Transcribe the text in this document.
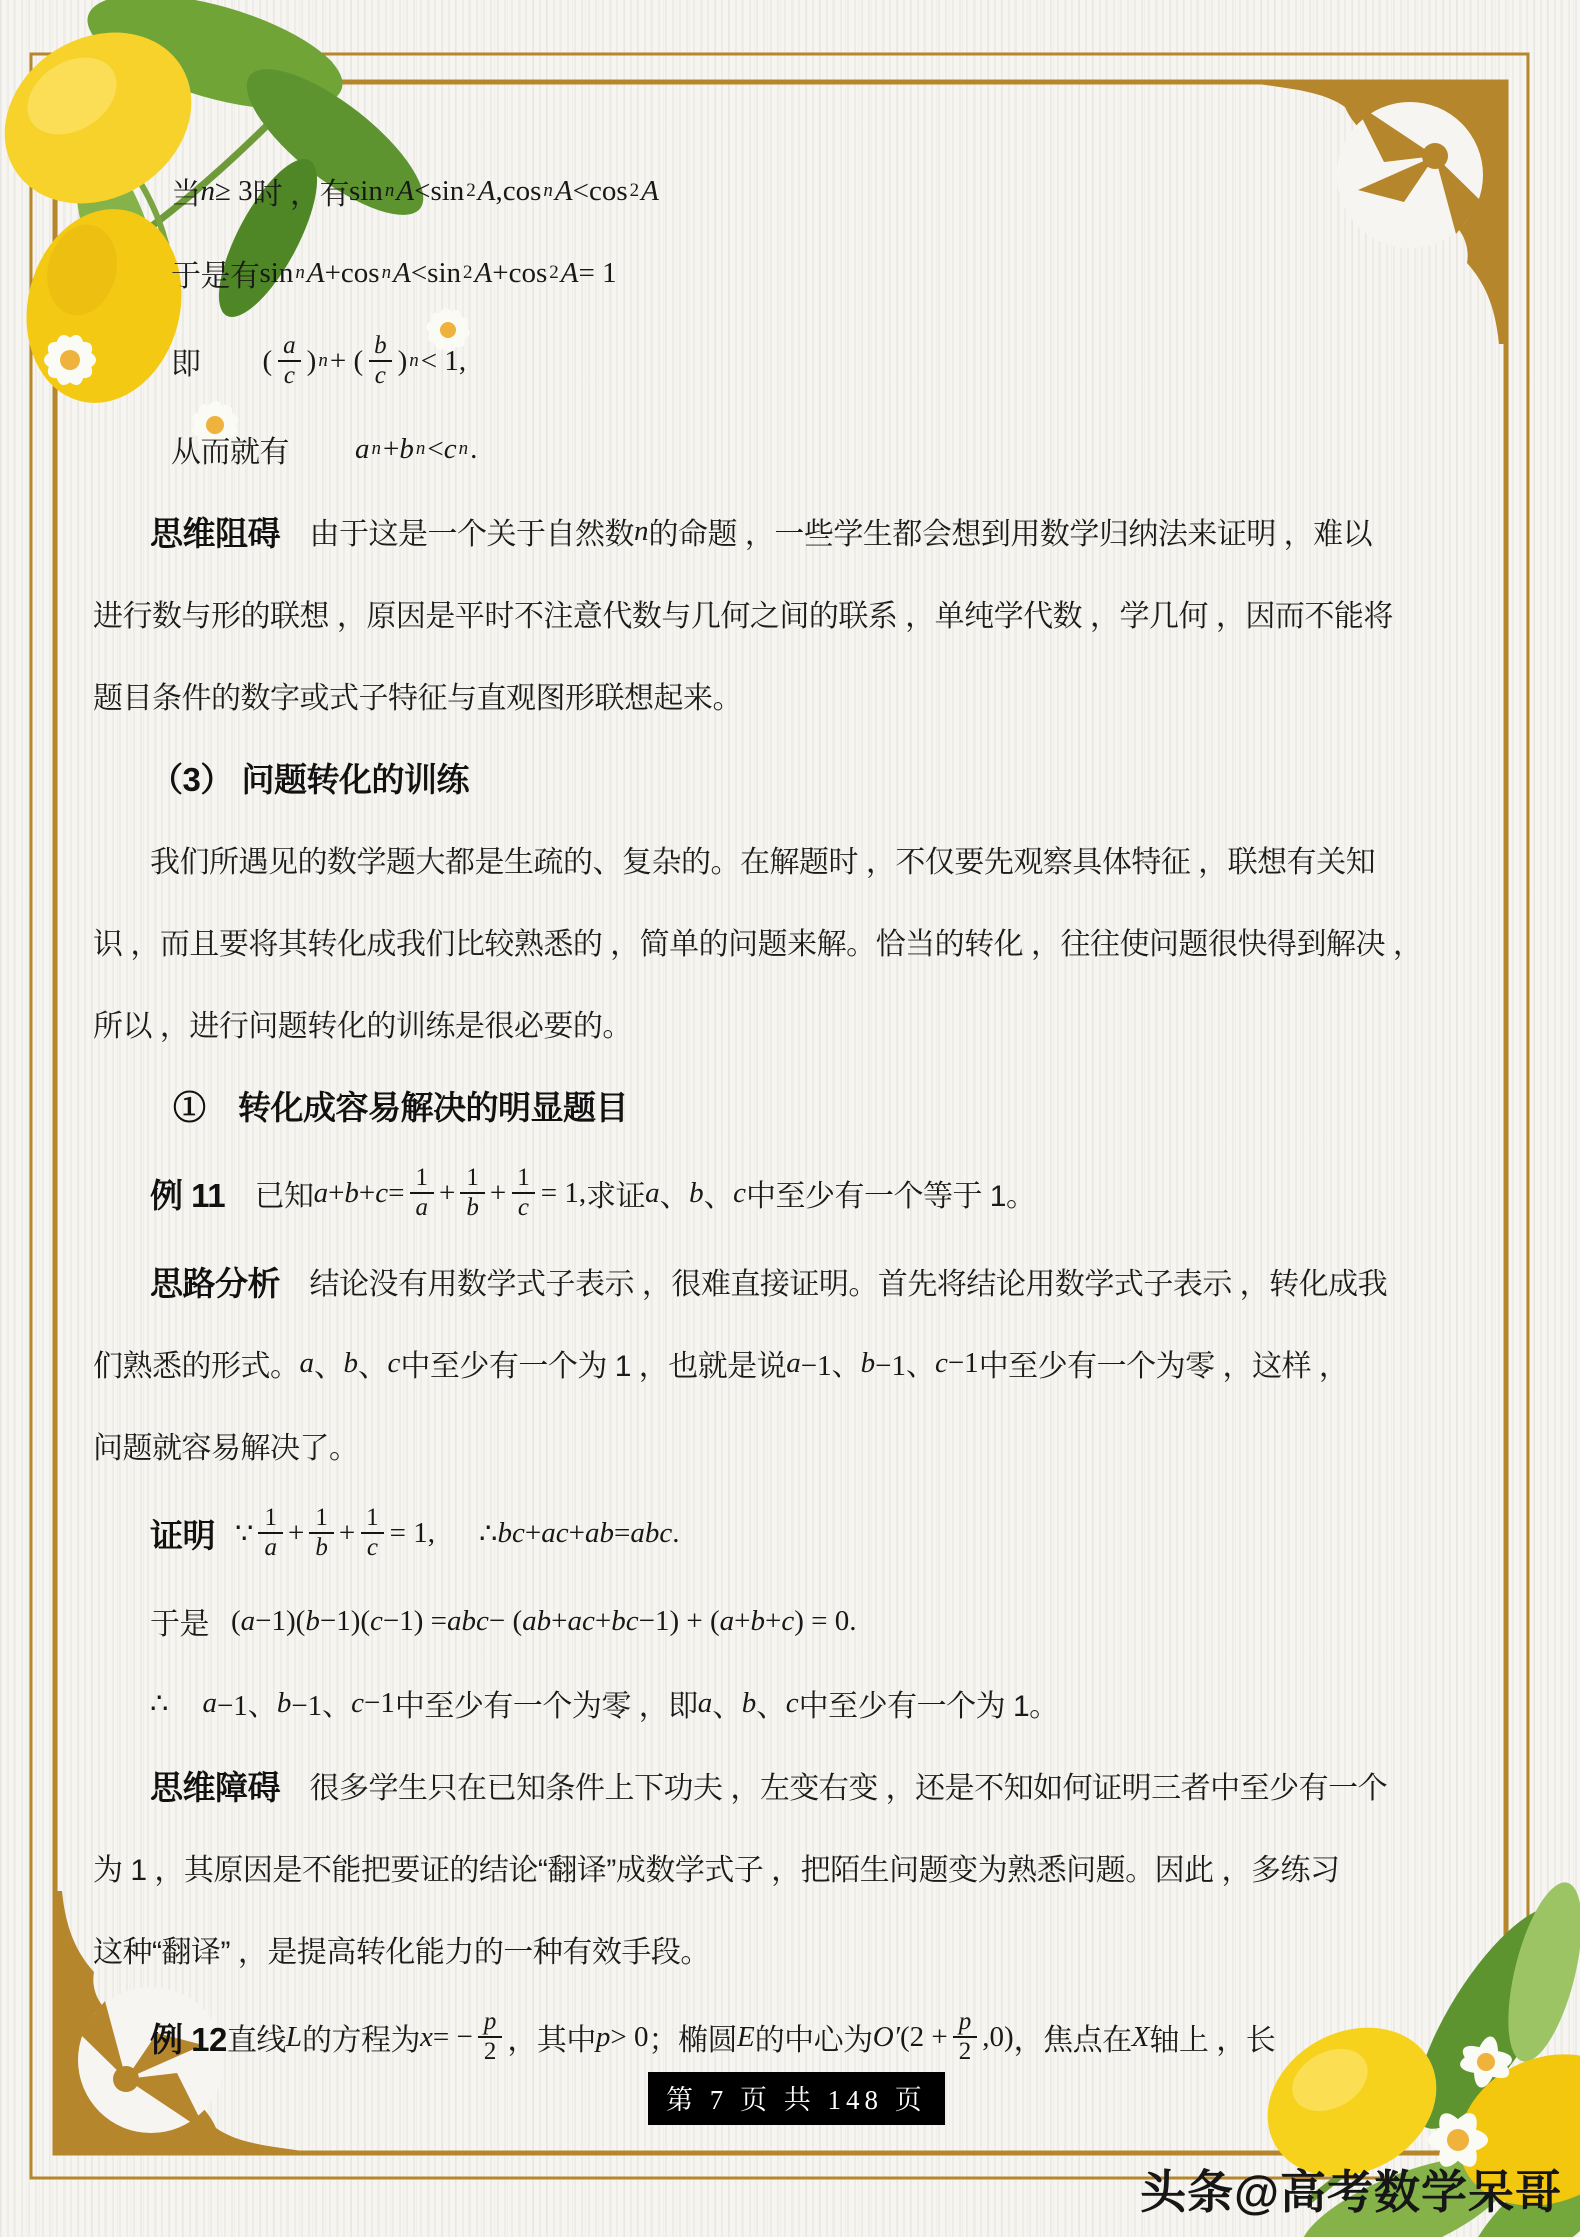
当 n ≥ 3 时 ，有 sin n A < sin 2 A , cos n A < cos 2 A
于是有 sin n A + cos n A < sin 2 A + cos 2 A = 1
即 ( $\frac{a}{c}$ ) n + ( $\frac{b}{c}$ ) n < 1,
从而就有 a n + b n < c n .
思维阻碍 　由于这是一个关于自然数 n 的命题 ，一些学生都会想到用数学归纳法来证明 ，难以
进行数与形的联想 ，原因是平时不注意代数与几何之间的联系 ，单纯学代数 ，学几何 ，因而不能将
题目条件的数字或式子特征与直观图形联想起来。
（3） 问题转化的训练
我们所遇见的数学题大都是生疏的、复杂的。在解题时 ，不仅要先观察具体特征 ，联想有关知
识 ，而且要将其转化成我们比较熟悉的 ，简单的问题来解。恰当的转化 ，往往使问题很快得到解决 ，
所以 ，进行问题转化的训练是很必要的。
①　转化成容易解决的明显题目
例 11 　已知 $a + b + c = \frac{1}{a} + \frac{1}{b} + \frac{1}{c} = 1$, 求证 a 、 b 、 c 中至少有一个等于 1。
思路分析 　结论没有用数学式子表示 ，很难直接证明。首先将结论用数学式子表示 ，转化成我
们熟悉的形式。 a 、 b 、 c 中至少有一个为 1 ，也就是说 a −1、 b −1、 c −1 中至少有一个为零 ，这样 ，
问题就容易解决了。
证明 ∵ $\frac{1}{a} + \frac{1}{b} + \frac{1}{c} = 1$, ∴ bc + ac + ab = abc .
于是 ( a −1)( b −1)( c −1) = abc − ( ab + ac + bc −1) + ( a + b + c ) = 0.
∴ a −1、 b −1、 c −1 中至少有一个为零 ，即 a 、 b 、 c 中至少有一个为 1。
思维障碍 　很多学生只在已知条件上下功夫 ，左变右变 ，还是不知如何证明三者中至少有一个
为 1 ，其原因是不能把要证的结论“翻译”成数学式子 ，把陌生问题变为熟悉问题。因此 ，多练习
这种“翻译” ，是提高转化能力的一种有效手段。
例 12 直线 L 的方程为 x = − $\frac{p}{2}$ ，其中 p > 0 ；椭圆 E 的中心为 O′ $(2 + \frac{p}{2} ,0)$ ，焦点在 X 轴上 ，长
第 7 页 共 148 页
头条@高考数学呆哥
